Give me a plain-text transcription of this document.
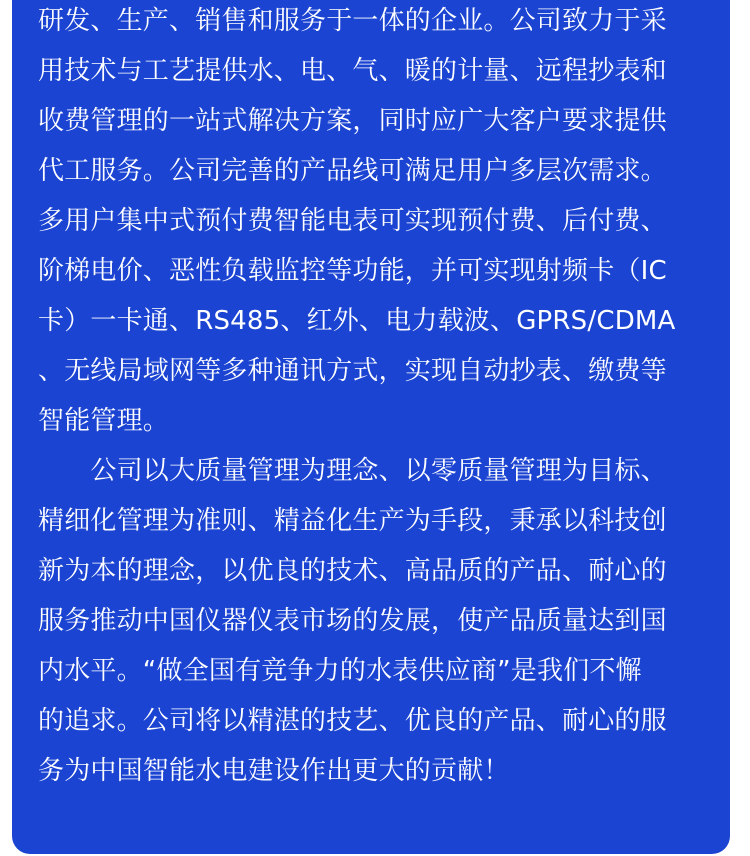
研发、生产、销售和服务于一体的企业。公司致力于采
用技术与工艺提供水、电、气、暖的计量、远程抄表和
收费管理的一站式解决方案，同时应广大客户要求提供
代工服务。公司完善的产品线可满足用户多层次需求。
多用户集中式预付费智能电表可实现预付费、后付费、
阶梯电价、恶性负载监控等功能，并可实现射频卡（IC
卡）一卡通、RS485、红外、电力载波、GPRS/CDMA
、无线局域网等多种通讯方式，实现自动抄表、缴费等
智能管理。
　　公司以大质量管理为理念、以零质量管理为目标、
精细化管理为准则、精益化生产为手段，秉承以科技创
新为本的理念，以优良的技术、高品质的产品、耐心的
服务推动中国仪器仪表市场的发展，使产品质量达到国
内水平。“做全国有竞争力的水表供应商”是我们不懈
的追求。公司将以精湛的技艺、优良的产品、耐心的服
务为中国智能水电建设作出更大的贡献！
